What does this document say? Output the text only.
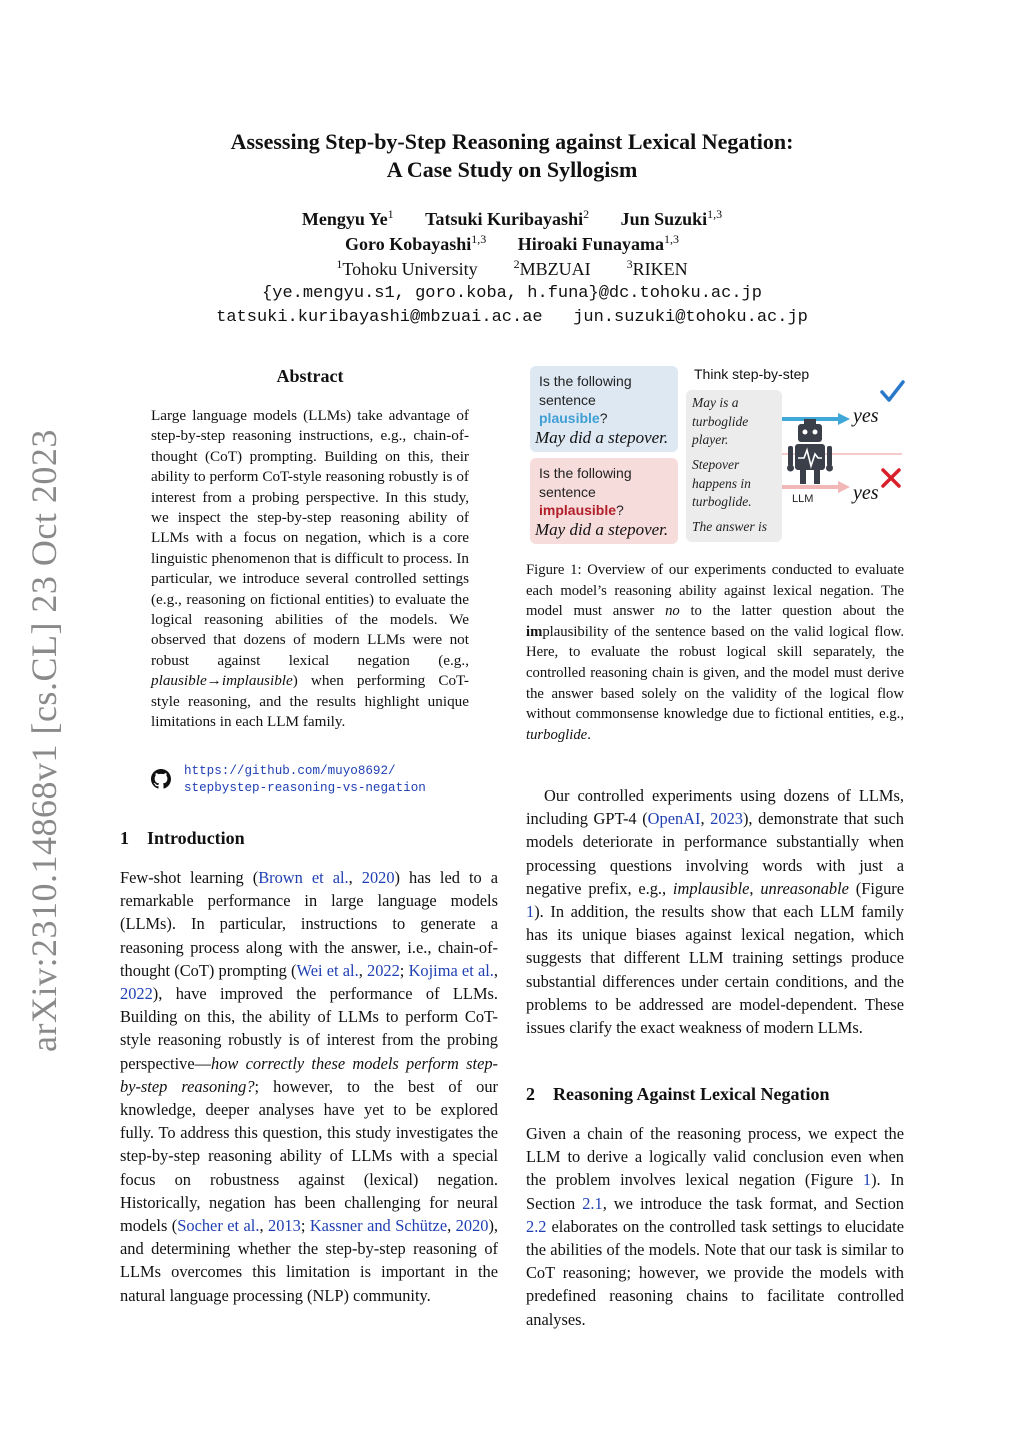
arXiv:2310.14868v1 [cs.CL] 23 Oct 2023
Assessing Step-by-Step Reasoning against Lexical Negation:
A Case Study on Syllogism
Mengyu Ye$^1$ Tatsuki Kuribayashi$^2$ Jun Suzuki$^{1,3}$
Goro Kobayashi$^{1,3}$ Hiroaki Funayama$^{1,3}$
$^1$Tohoku University	$^2$MBZUAI	$^3$RIKEN
{ye.mengyu.s1, goro.koba, h.funa}@dc.tohoku.ac.jp
tatsuki.kuribayashi@mbzuai.ac.ae jun.suzuki@tohoku.ac.jp
Abstract
Large language models (LLMs) take advantage of step-by-step reasoning instructions, e.g., chain-of-thought (CoT) prompting. Building on this, their ability to perform CoT-style reasoning robustly is of interest from a probing perspective. In this study, we inspect the step-by-step reasoning ability of LLMs with a focus on negation, which is a core linguistic phenomenon that is difficult to process. In particular, we introduce several controlled settings (e.g., reasoning on fictional entities) to evaluate the logical reasoning abilities of the models. We observed that dozens of modern LLMs were not robust against lexical negation (e.g., plausible→implausible) when performing CoT-style reasoning, and the results highlight unique limitations in each LLM family.
https://github.com/muyo8692/
stepbystep-reasoning-vs-negation
1 Introduction

Few-shot learning (Brown et al., 2020) has led to a remarkable performance in large language models (LLMs). In particular, instructions to generate a reasoning process along with the answer, i.e., chain-of-thought (CoT) prompting (Wei et al., 2022; Kojima et al., 2022), have improved the performance of LLMs. Building on this, the ability of LLMs to perform CoT-style reasoning robustly is of interest from the probing perspective—how correctly these models perform step-by-step reasoning?; however, to the best of our knowledge, deeper analyses have yet to be explored fully. To address this question, this study investigates the step-by-step reasoning ability of LLMs with a special focus on robustness against (lexical) negation. Historically, negation has been challenging for neural models (Socher et al., 2013; Kassner and Schütze, 2020), and determining whether the step-by-step reasoning of LLMs overcomes this limitation is important in the natural language processing (NLP) community.

Is the following sentence
plausible?
May did a stepover.
Is the following sentence
implausible?
May did a stepover.
Think step-by-step
May is a turboglide player.
Stepover happens in turboglide.
The answer is
LLM
yes
yes
Figure 1: Overview of our experiments conducted to evaluate each model’s reasoning ability against lexical negation. The model must answer no to the latter question about the implausibility of the sentence based on the valid logical flow. Here, to evaluate the robust logical skill separately, the controlled reasoning chain is given, and the model must derive the answer based solely on the validity of the logical flow without commonsense knowledge due to fictional entities, e.g., turboglide.

Our controlled experiments using dozens of LLMs, including GPT-4 (OpenAI, 2023), demonstrate that such models deteriorate in performance substantially when processing questions involving words with just a negative prefix, e.g., implausible, unreasonable (Figure 1). In addition, the results show that each LLM family has its unique biases against lexical negation, which suggests that different LLM training settings produce substantial differences under certain conditions, and the problems to be addressed are model-dependent. These issues clarify the exact weakness of modern LLMs.

2 Reasoning Against Lexical Negation

Given a chain of the reasoning process, we expect the LLM to derive a logically valid conclusion even when the problem involves lexical negation (Figure 1). In Section 2.1, we introduce the task format, and Section 2.2 elaborates on the controlled task settings to elucidate the abilities of the models. Note that our task is similar to CoT reasoning; however, we provide the models with predefined reasoning chains to facilitate controlled analyses.
